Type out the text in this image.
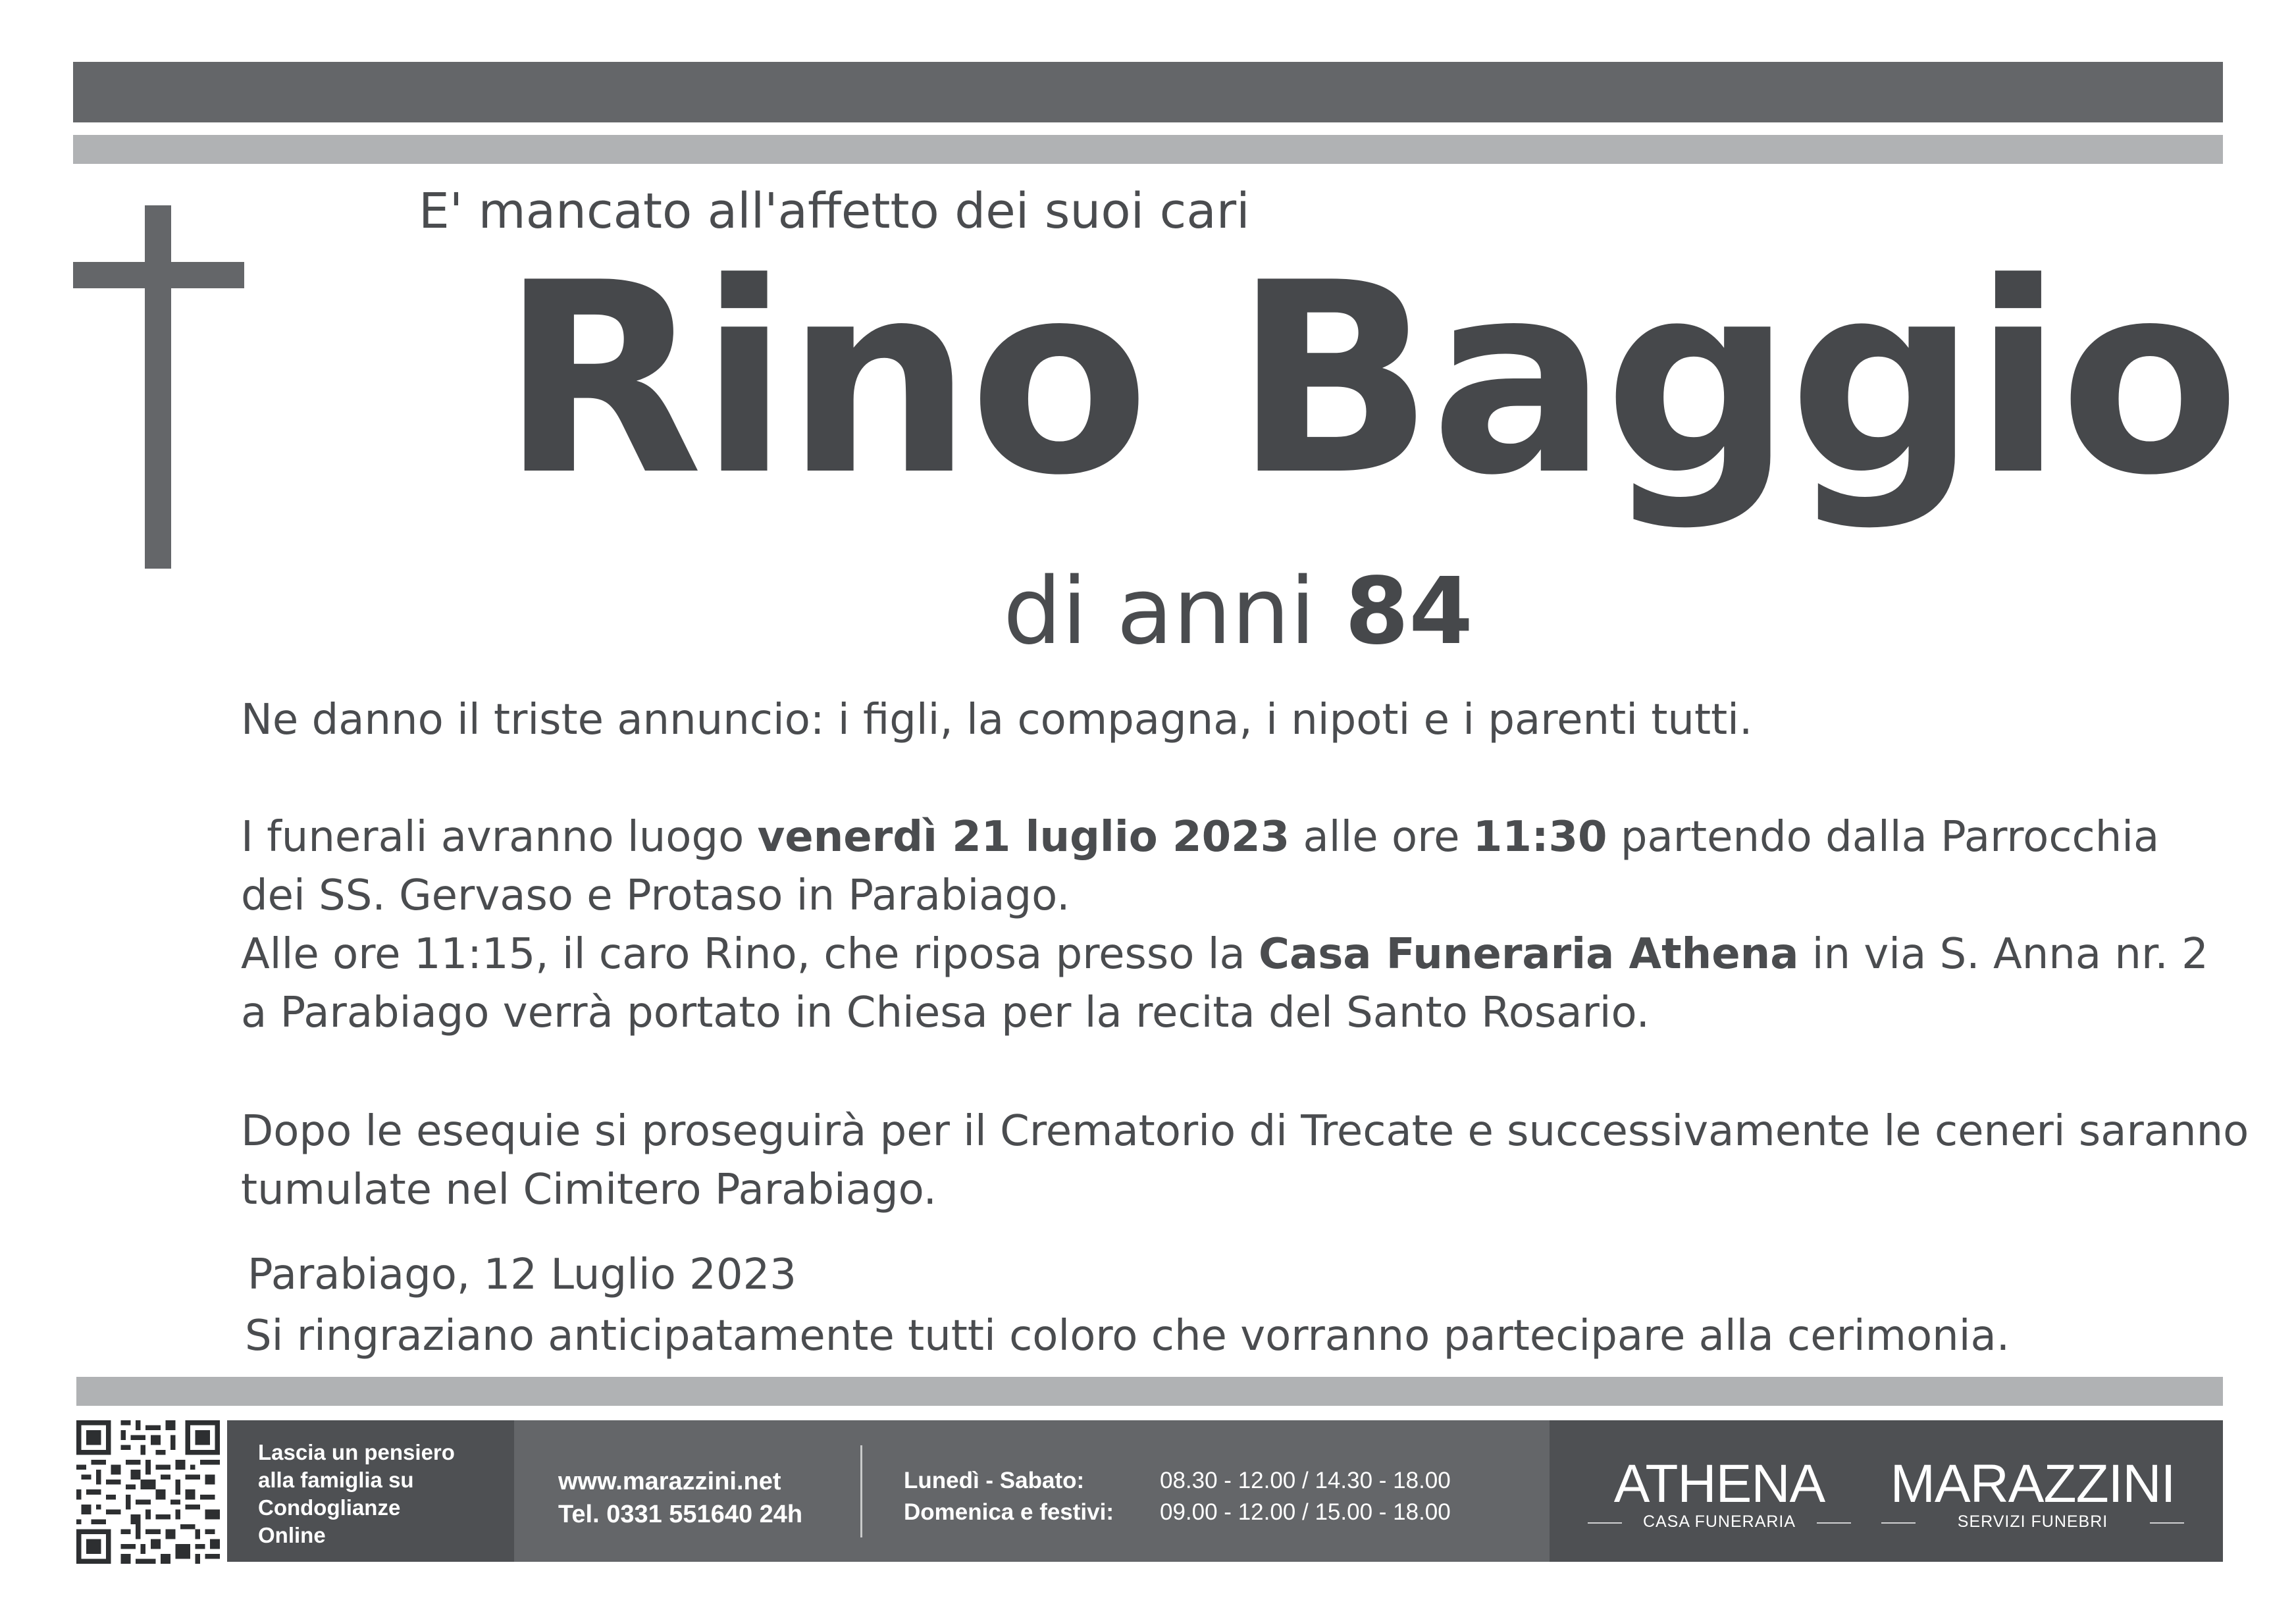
E' mancato all'affetto dei suoi cari
Rino Baggio
di anni 84
Ne danno il triste annuncio: i figli, la compagna, i nipoti e i parenti tutti.
I funerali avranno luogo venerdì 21 luglio 2023 alle ore 11:30 partendo dalla Parrocchia
dei SS. Gervaso e Protaso in Parabiago.
Alle ore 11:15, il caro Rino, che riposa presso la Casa Funeraria Athena in via S. Anna nr. 2
a Parabiago verrà portato in Chiesa per la recita del Santo Rosario.
Dopo le esequie si proseguirà per il Crematorio di Trecate e successivamente le ceneri saranno
tumulate nel Cimitero Parabiago.
Parabiago, 12 Luglio 2023
Si ringraziano anticipatamente tutti coloro che vorranno partecipare alla cerimonia.
Lascia un pensiero
alla famiglia su
Condoglianze
Online
www.marazzini.net
Tel. 0331 551640 24h
Lunedì - Sabato:
Domenica e festivi:
08.30 - 12.00 / 14.30 - 18.00
09.00 - 12.00 / 15.00 - 18.00	ATHENA
CASA FUNERARIA
MARAZZINI
SERVIZI FUNEBRI
